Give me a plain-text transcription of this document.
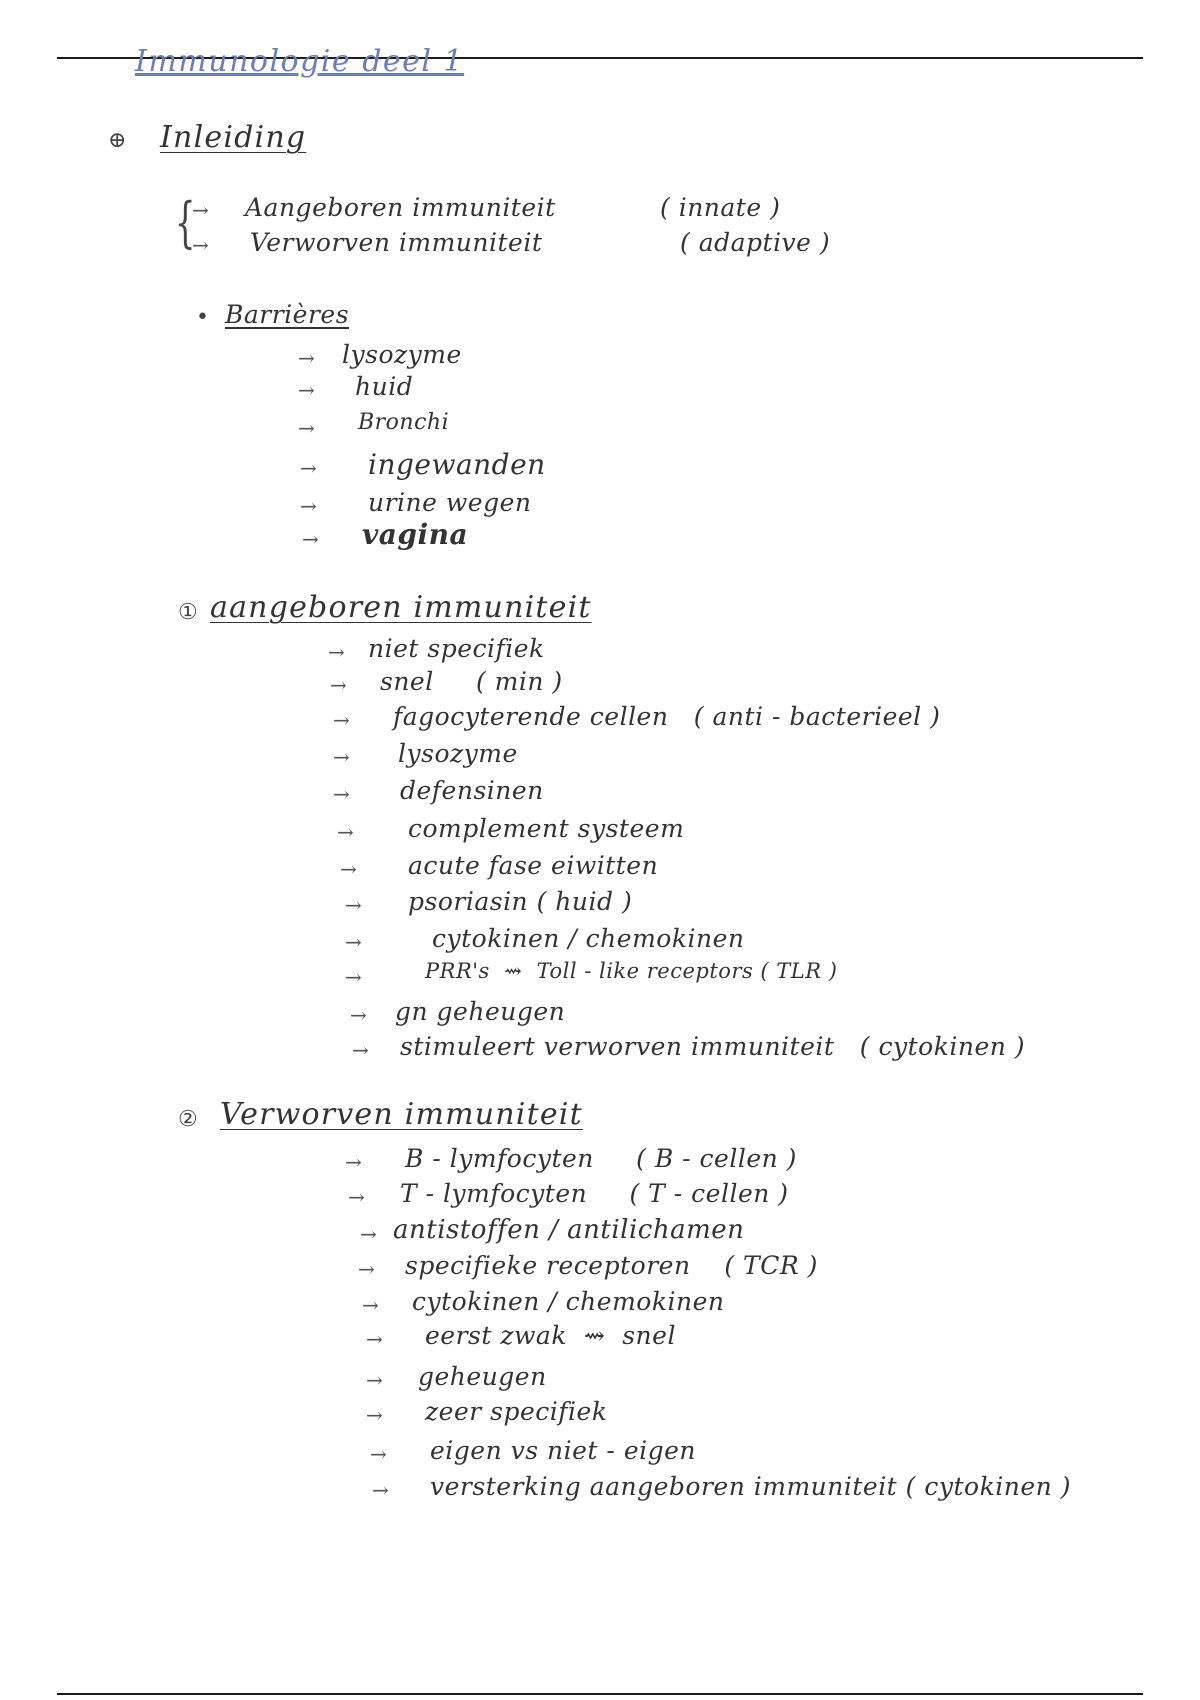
Immunologie deel 1
⊕ Inleiding
{
→
→
Aangeboren immuniteit	( innate )
Verworven immuniteit	( adaptive )
• Barrières
→ lysozyme
→ huid
→ Bronchi
→ ingewanden
→ urine wegen
→ vagina
① aangeboren immuniteit
→ niet specifiek
→ snel     ( min )
→ fagocyterende cellen   ( anti - bacterieel )
→ lysozyme
→ defensinen
→ complement systeem
→ acute fase eiwitten
→ psoriasin ( huid )
→	cytokinen / chemokinen
→	PRR's  ⇝  Toll - like receptors ( TLR )
→ gn geheugen
→ stimuleert verworven immuniteit   ( cytokinen )
② Verworven immuniteit
→ B - lymfocyten     ( B - cellen )
→ T - lymfocyten     ( T - cellen )
→ antistoffen / antilichamen
→ specifieke receptoren    ( TCR )
→ cytokinen / chemokinen
→ eerst zwak  ⇝  snel
→ geheugen
→ zeer specifiek
→ eigen vs niet - eigen
→ versterking aangeboren immuniteit ( cytokinen )
